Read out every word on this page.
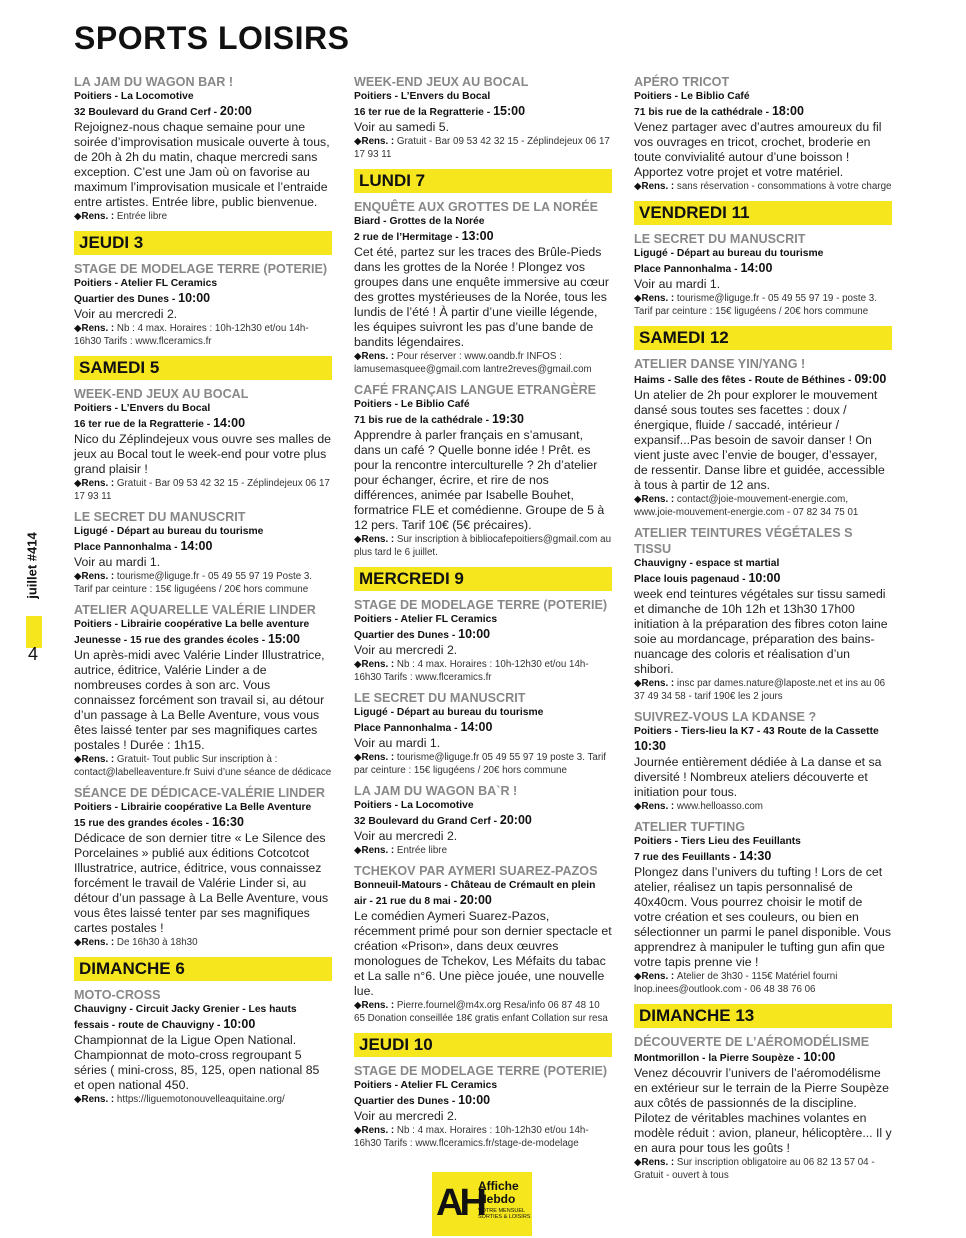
SPORTS LOISIRS
juillet #414
4
LA JAM DU WAGON BAR !
Poitiers - La Locomotive
32 Boulevard du Grand Cerf - 20:00
Rejoignez-nous chaque semaine pour une soirée d’improvisation musicale ouverte à tous, de 20h à 2h du matin, chaque mercredi sans exception. C’est une Jam où on favorise au maximum l’improvisation musicale et l’entraide entre artistes. Entrée libre, public bienvenue.
◆Rens. : Entrée libre
JEUDI 3
STAGE DE MODELAGE TERRE (POTERIE)
Poitiers - Atelier FL Ceramics
Quartier des Dunes - 10:00
Voir au mercredi 2.
◆Rens. : Nb : 4 max. Horaires : 10h-12h30 et/ou 14h-16h30 Tarifs : www.flceramics.fr
SAMEDI 5
WEEK-END JEUX AU BOCAL
Poitiers - L’Envers du Bocal
16 ter rue de la Regratterie - 14:00
Nico du Zéplindejeux vous ouvre ses malles de jeux au Bocal tout le week-end pour votre plus grand plaisir !
◆Rens. : Gratuit - Bar 09 53 42 32 15 - Zéplindejeux 06 17 17 93 11
LE SECRET DU MANUSCRIT
Ligugé - Départ au bureau du tourisme
Place Pannonhalma - 14:00
Voir au mardi 1.
◆Rens. : tourisme@liguge.fr - 05 49 55 97 19 Poste 3. Tarif par ceinture : 15€ ligugéens / 20€ hors commune
ATELIER AQUARELLE VALÉRIE LINDER
Poitiers - Librairie coopérative La belle aventure
Jeunesse - 15 rue des grandes écoles - 15:00
Un après-midi avec Valérie Linder Illustratrice, autrice, éditrice, Valérie Linder a de nombreuses cordes à son arc. Vous connaissez forcément son travail si, au détour d’un passage à La Belle Aventure, vous vous êtes laissé tenter par ses magnifiques cartes postales ! Durée : 1h15.
◆Rens. : Gratuit- Tout public Sur inscription à : contact@labelleaventure.fr Suivi d’une séance de dédicace
SÉANCE DE DÉDICACE-VALÉRIE LINDER
Poitiers - Librairie coopérative La Belle Aventure
15 rue des grandes écoles - 16:30
Dédicace de son dernier titre « Le Silence des Porcelaines » publié aux éditions Cotcotcot Illustratrice, autrice, éditrice, vous connaissez forcément le travail de Valérie Linder si, au détour d’un passage à La Belle Aventure, vous vous êtes laissé tenter par ses magnifiques cartes postales !
◆Rens. : De 16h30 à 18h30
DIMANCHE 6
MOTO-CROSS
Chauvigny - Circuit Jacky Grenier - Les hauts
fessais - route de Chauvigny - 10:00
Championnat de la Ligue Open National. Championnat de moto-cross regroupant 5 séries ( mini-cross, 85, 125, open national 85 et open national 450.
◆Rens. : https://liguemotonouvelleaquitaine.org/
WEEK-END JEUX AU BOCAL
Poitiers - L’Envers du Bocal
16 ter rue de la Regratterie - 15:00
Voir au samedi 5.
◆Rens. : Gratuit - Bar 09 53 42 32 15 - Zéplindejeux 06 17 17 93 11
LUNDI 7
ENQUÊTE AUX GROTTES DE LA NORÉE
Biard - Grottes de la Norée
2 rue de l’Hermitage - 13:00
Cet été, partez sur les traces des Brûle-Pieds dans les grottes de la Norée ! Plongez vos groupes dans une enquête immersive au cœur des grottes mystérieuses de la Norée, tous les lundis de l’été ! À partir d’une vieille légende, les équipes suivront les pas d’une bande de bandits légendaires.
◆Rens. : Pour réserver : www.oandb.fr INFOS : lamusemasquee@gmail.com lantre2reves@gmail.com
CAFÉ FRANÇAIS LANGUE ETRANGÈRE
Poitiers - Le Biblio Café
71 bis rue de la cathédrale - 19:30
Apprendre à parler français en s’amusant, dans un café ? Quelle bonne idée ! Prêt. es pour la rencontre interculturelle ? 2h d’atelier pour échanger, écrire, et rire de nos différences, animée par Isabelle Bouhet, formatrice FLE et comédienne. Groupe de 5 à 12 pers. Tarif 10€ (5€ précaires).
◆Rens. : Sur inscription à bibliocafepoitiers@gmail.com au plus tard le 6 juillet.
MERCREDI 9
STAGE DE MODELAGE TERRE (POTERIE)
Poitiers - Atelier FL Ceramics
Quartier des Dunes - 10:00
Voir au mercredi 2.
◆Rens. : Nb : 4 max. Horaires : 10h-12h30 et/ou 14h-16h30 Tarifs : www.flceramics.fr
LE SECRET DU MANUSCRIT
Ligugé - Départ au bureau du tourisme
Place Pannonhalma - 14:00
Voir au mardi 1.
◆Rens. : tourisme@liguge.fr 05 49 55 97 19 poste 3. Tarif par ceinture : 15€ ligugéens / 20€ hors commune
LA JAM DU WAGON BA`R !
Poitiers - La Locomotive
32 Boulevard du Grand Cerf - 20:00
Voir au mercredi 2.
◆Rens. : Entrée libre
TCHEKOV PAR AYMERI SUAREZ-PAZOS
Bonneuil-Matours - Château de Crémault en plein
air - 21 rue du 8 mai - 20:00
Le comédien Aymeri Suarez-Pazos, récemment primé pour son dernier spectacle et création «Prison», dans deux œuvres monologues de Tchekov, Les Méfaits du tabac et La salle n°6. Une pièce jouée, une nouvelle lue.
◆Rens. : Pierre.fournel@m4x.org Resa/info 06 87 48 10 65 Donation conseillée 18€ gratis enfant Collation sur resa
JEUDI 10
STAGE DE MODELAGE TERRE (POTERIE)
Poitiers - Atelier FL Ceramics
Quartier des Dunes - 10:00
Voir au mercredi 2.
◆Rens. : Nb : 4 max. Horaires : 10h-12h30 et/ou 14h-16h30 Tarifs : www.flceramics.fr/stage-de-modelage
APÉRO TRICOT
Poitiers - Le Biblio Café
71 bis rue de la cathédrale - 18:00
Venez partager avec d’autres amoureux du fil vos ouvrages en tricot, crochet, broderie en toute convivialité autour d’une boisson ! Apportez votre projet et votre matériel.
◆Rens. : sans réservation - consommations à votre charge
VENDREDI 11
LE SECRET DU MANUSCRIT
Ligugé - Départ au bureau du tourisme
Place Pannonhalma - 14:00
Voir au mardi 1.
◆Rens. : tourisme@liguge.fr - 05 49 55 97 19 - poste 3. Tarif par ceinture : 15€ ligugéens / 20€ hors commune
SAMEDI 12
ATELIER DANSE YIN/YANG !
Haims - Salle des fêtes - Route de Béthines - 09:00
Un atelier de 2h pour explorer le mouvement dansé sous toutes ses facettes : doux / énergique, fluide / saccadé, intérieur / expansif...Pas besoin de savoir danser ! On vient juste avec l’envie de bouger, d’essayer, de ressentir. Danse libre et guidée, accessible à tous à partir de 12 ans.
◆Rens. : contact@joie-mouvement-energie.com, www.joie-mouvement-energie.com - 07 82 34 75 01
ATELIER TEINTURES VÉGÉTALES S TISSU
Chauvigny - espace st martial
Place louis pagenaud - 10:00
week end teintures végétales sur tissu samedi et dimanche de 10h 12h et 13h30 17h00 initiation à la préparation des fibres coton laine soie au mordancage, préparation des bains- nuancage des coloris et réalisation d’un shibori.
◆Rens. : insc par dames.nature@laposte.net et ins au 06 37 49 34 58 - tarif 190€ les 2 jours
SUIVREZ-VOUS LA KDANSE ?
Poitiers - Tiers-lieu la K7 - 43 Route de la Cassette
10:30
Journée entièrement dédiée à La danse et sa diversité ! Nombreux ateliers découverte et initiation pour tous.
◆Rens. : www.helloasso.com
ATELIER TUFTING
Poitiers - Tiers Lieu des Feuillants
7 rue des Feuillants - 14:30
Plongez dans l’univers du tufting ! Lors de cet atelier, réalisez un tapis personnalisé de 40x40cm. Vous pourrez choisir le motif de votre création et ses couleurs, ou bien en sélectionner un parmi le panel disponible. Vous apprendrez à manipuler le tufting gun afin que votre tapis prenne vie !
◆Rens. : Atelier de 3h30 - 115€ Matériel fourni lnop.inees@outlook.com - 06 48 38 76 06
DIMANCHE 13
DÉCOUVERTE DE L’AÉROMODÉLISME
Montmorillon - la Pierre Soupèze - 10:00
Venez découvrir l’univers de l’aéromodélisme en extérieur sur le terrain de la Pierre Soupèze aux côtés de passionnés de la discipline. Pilotez de véritables machines volantes en modèle réduit : avion, planeur, hélicoptère... Il y en aura pour tous les goûts !
◆Rens. : Sur inscription obligatoire au 06 82 13 57 04 - Gratuit - ouvert à tous
AH
Affiche
Hebdo
VOTRE MENSUEL SORTIES & LOISIRS
